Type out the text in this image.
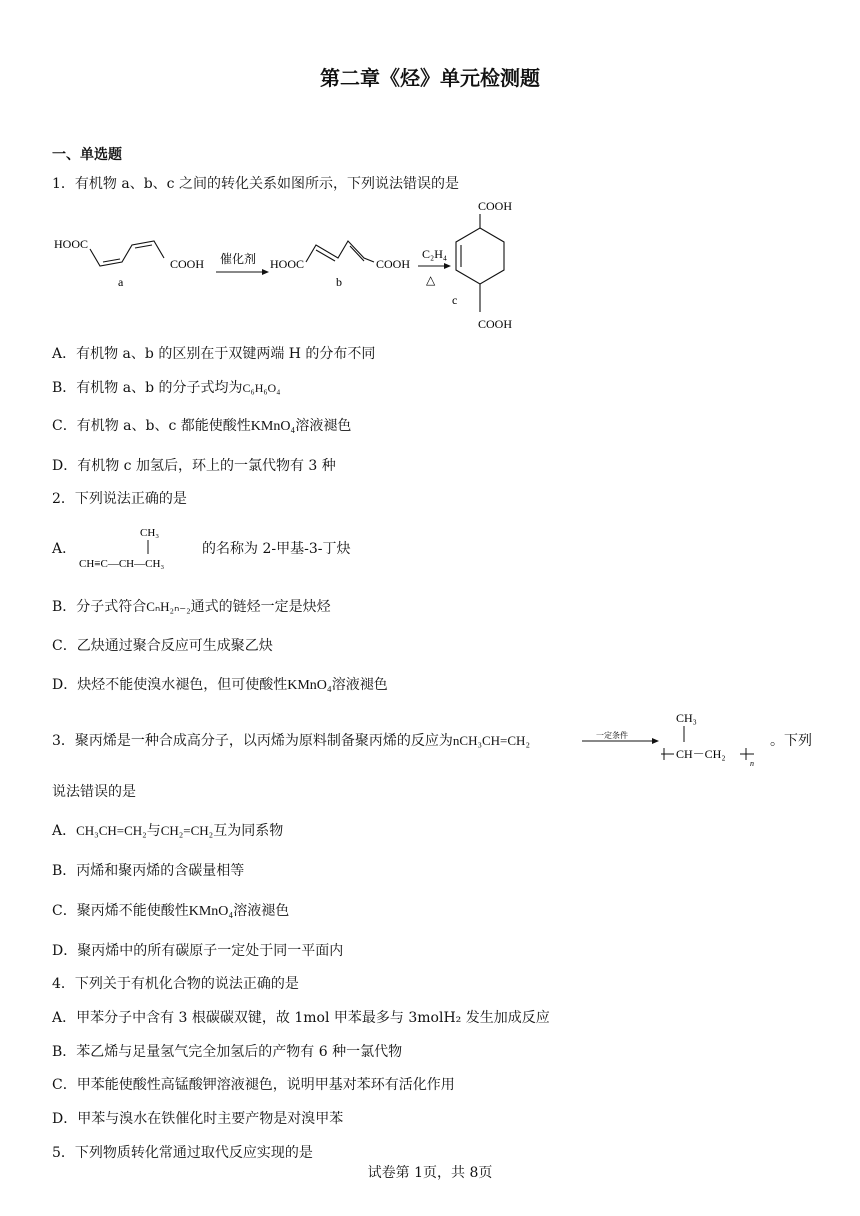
第二章《烃》单元检测题
一、单选题
1．有机物 a、b、c 之间的转化关系如图所示，下列说法错误的是
HOOC
COOH
a
催化剂 HOOC	COOH
b
C₂H₄
△
COOH
COOH
c
A．有机物 a、b 的区别在于双键两端 H 的分布不同
B．有机物 a、b 的分子式均为C₆H₆O₄
C．有机物 a、b、c 都能使酸性KMnO₄溶液褪色
D．有机物 c 加氢后，环上的一氯代物有 3 种
2．下列说法正确的是
A．
CH₃
CH≡C—CH—CH₃
的名称为 2-甲基-3-丁炔
B．分子式符合CₙH₂ₙ₋₂通式的链烃一定是炔烃
C．乙炔通过聚合反应可生成聚乙炔
D．炔烃不能使溴水褪色，但可使酸性KMnO₄溶液褪色
3．聚丙烯是一种合成高分子，以丙烯为原料制备聚丙烯的反应为nCH₃CH=CH₂	一定条件
CH₃
CH－CH₂
n
。下列
说法错误的是
A．CH₃CH=CH₂与CH₂=CH₂互为同系物
B．丙烯和聚丙烯的含碳量相等
C．聚丙烯不能使酸性KMnO₄溶液褪色
D．聚丙烯中的所有碳原子一定处于同一平面内
4．下列关于有机化合物的说法正确的是
A．甲苯分子中含有 3 根碳碳双键，故 1mol 甲苯最多与 3molH₂ 发生加成反应
B．苯乙烯与足量氢气完全加氢后的产物有 6 种一氯代物
C．甲苯能使酸性高锰酸钾溶液褪色，说明甲基对苯环有活化作用
D．甲苯与溴水在铁催化时主要产物是对溴甲苯
5．下列物质转化常通过取代反应实现的是
试卷第 1页，共 8页
